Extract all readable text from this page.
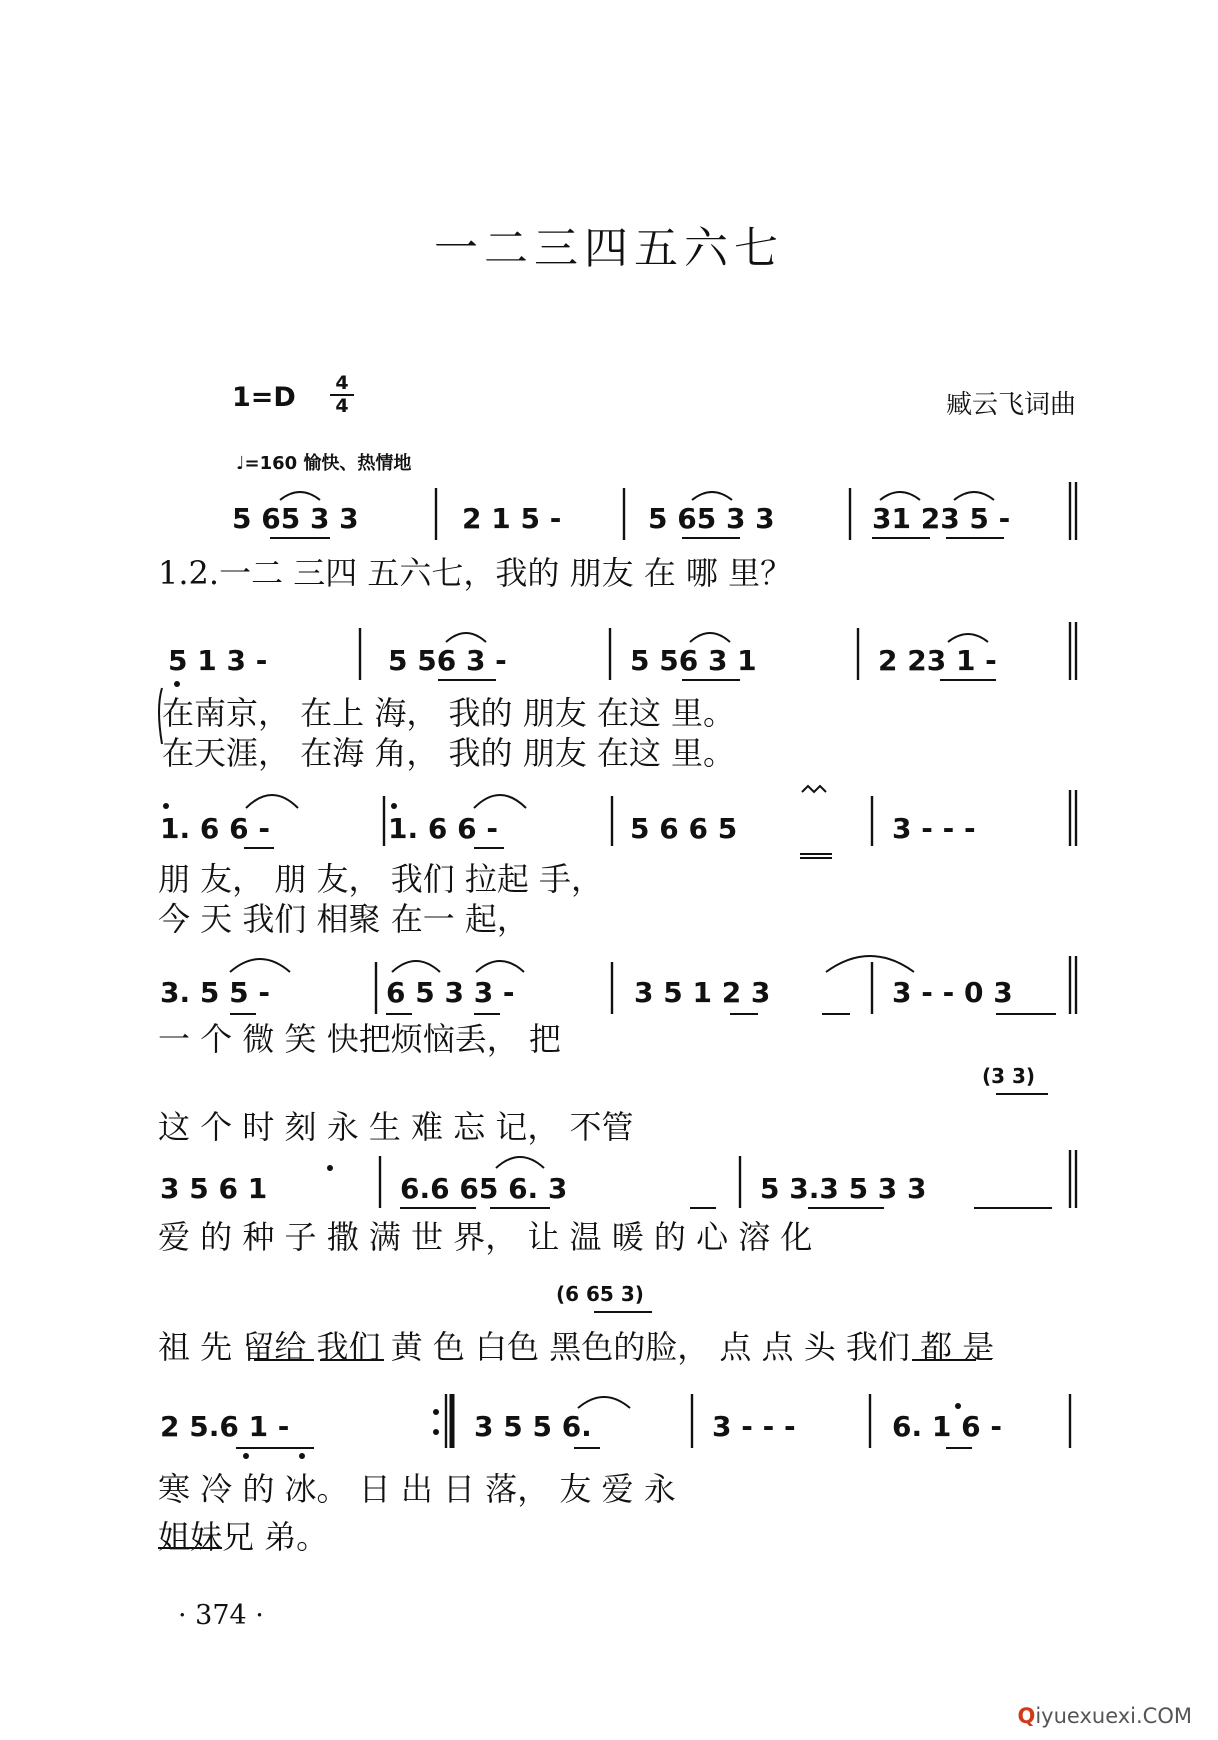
一二三四五六七
1=D 4
4	臧云飞词曲
♩=160 愉快、热情地
5 65 3 3	2 1 5 -	5 65 3 3	31 23 5 -
1.2.一二 三四 五六七，我的 朋友 在 哪 里？
5 1 3 -	5 56 3 -	5 56 3 1	2 23 1 -
在南京， 在上 海， 我的 朋友 在这 里。
在天涯， 在海 角， 我的 朋友 在这 里。
1. 6 6 -	1. 6 6 -	5 6 6 5	3 - - -
朋 友， 朋 友， 我们 拉起 手，
今 天 我们 相聚 在一 起，
3. 5 5 -	6 5 3 3 -	3 5 1 2 3	3 - - 0 3
一 个 微 笑 快把烦恼丢， 把
(3 3)
这 个 时 刻 永 生 难 忘 记， 不管
3 5 6 1	6.6 65 6. 3	5 3.3 5 3 3
爱 的 种 子 撒 满 世 界， 让 温 暖 的 心 溶 化
(6 65 3)
祖 先 留给 我们 黄 色 白色 黑色的脸， 点 点 头 我们 都 是
2 5.6 1 -	3 5 5 6.	3 - - -	6. 1 6 -
寒 冷 的 冰。 日 出 日 落， 友 爱 永
姐妹兄 弟。
· 374 ·
Qiyuexuexi.COM
